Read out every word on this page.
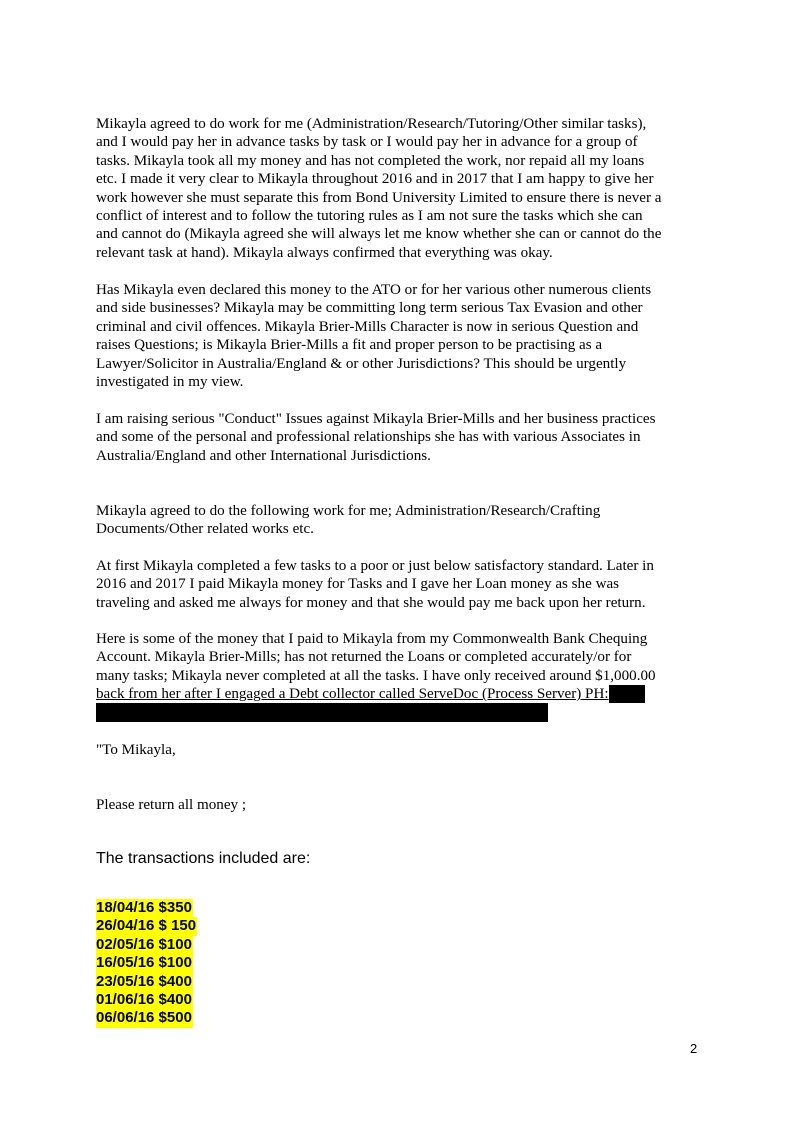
Mikayla agreed to do work for me (Administration/Research/Tutoring/Other similar tasks),
and I would pay her in advance tasks by task or I would pay her in advance for a group of
tasks. Mikayla took all my money and has not completed the work, nor repaid all my loans
etc. I made it very clear to Mikayla throughout 2016 and in 2017 that I am happy to give her
work however she must separate this from Bond University Limited to ensure there is never a
conflict of interest and to follow the tutoring rules as I am not sure the tasks which she can
and cannot do (Mikayla agreed she will always let me know whether she can or cannot do the
relevant task at hand). Mikayla always confirmed that everything was okay.
Has Mikayla even declared this money to the ATO or for her various other numerous clients
and side businesses? Mikayla may be committing long term serious Tax Evasion and other
criminal and civil offences. Mikayla Brier-Mills Character is now in serious Question and
raises Questions; is Mikayla Brier-Mills a fit and proper person to be practising as a
Lawyer/Solicitor in Australia/England & or other Jurisdictions? This should be urgently
investigated in my view.
I am raising serious "Conduct" Issues against Mikayla Brier-Mills and her business practices
and some of the personal and professional relationships she has with various Associates in
Australia/England and other International Jurisdictions.
Mikayla agreed to do the following work for me; Administration/Research/Crafting
Documents/Other related works etc.
At first Mikayla completed a few tasks to a poor or just below satisfactory standard. Later in
2016 and 2017 I paid Mikayla money for Tasks and I gave her Loan money as she was
traveling and asked me always for money and that she would pay me back upon her return.
Here is some of the money that I paid to Mikayla from my Commonwealth Bank Chequing
Account. Mikayla Brier-Mills; has not returned the Loans or completed accurately/or for
many tasks; Mikayla never completed at all the tasks. I have only received around $1,000.00
back from her after I engaged a Debt collector called ServeDoc (Process Server) PH:
"To Mikayla,
Please return all money ;

The transactions included are:

18/04/16 $350
26/04/16 $ 150
02/05/16 $100
16/05/16 $100
23/05/16 $400
01/06/16 $400
06/06/16 $500
2
